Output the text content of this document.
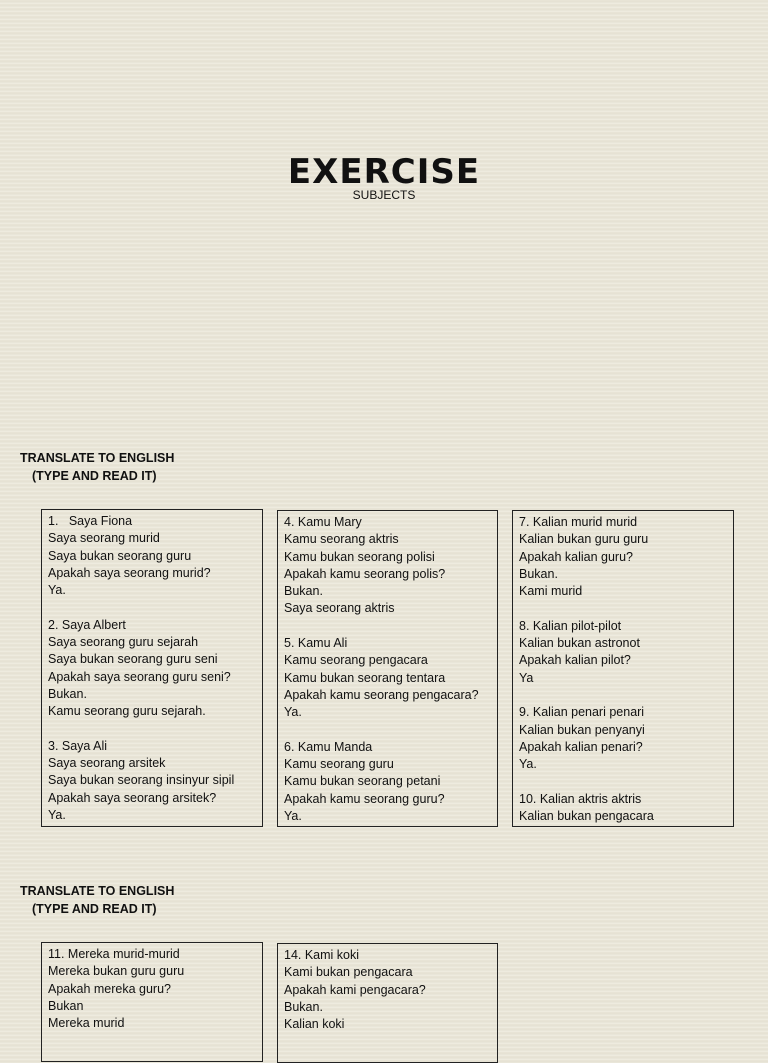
EXERCISE
SUBJECTS
TRANSLATE TO ENGLISH
(TYPE AND READ IT)
1.   Saya Fiona
Saya seorang murid
Saya bukan seorang guru
Apakah saya seorang murid?
Ya.
2. Saya Albert
Saya seorang guru sejarah
Saya bukan seorang guru seni
Apakah saya seorang guru seni?
Bukan.
Kamu seorang guru sejarah.
3. Saya Ali
Saya seorang arsitek
Saya bukan seorang insinyur sipil
Apakah saya seorang arsitek?
Ya.
4. Kamu Mary
Kamu seorang aktris
Kamu bukan seorang polisi
Apakah kamu seorang polis?
Bukan.
Saya seorang aktris
5. Kamu Ali
Kamu seorang pengacara
Kamu bukan seorang tentara
Apakah kamu seorang pengacara?
Ya.
6. Kamu Manda
Kamu seorang guru
Kamu bukan seorang petani
Apakah kamu seorang guru?
Ya.
7. Kalian murid murid
Kalian bukan guru guru
Apakah kalian guru?
Bukan.
Kami murid
8. Kalian pilot-pilot
Kalian bukan astronot
Apakah kalian pilot?
Ya
9. Kalian penari penari
Kalian bukan penyanyi
Apakah kalian penari?
Ya.
10. Kalian aktris aktris
Kalian bukan pengacara
TRANSLATE TO ENGLISH
(TYPE AND READ IT)
11. Mereka murid-murid
Mereka bukan guru guru
Apakah mereka guru?
Bukan
Mereka murid
14. Kami koki
Kami bukan pengacara
Apakah kami pengacara?
Bukan.
Kalian koki
